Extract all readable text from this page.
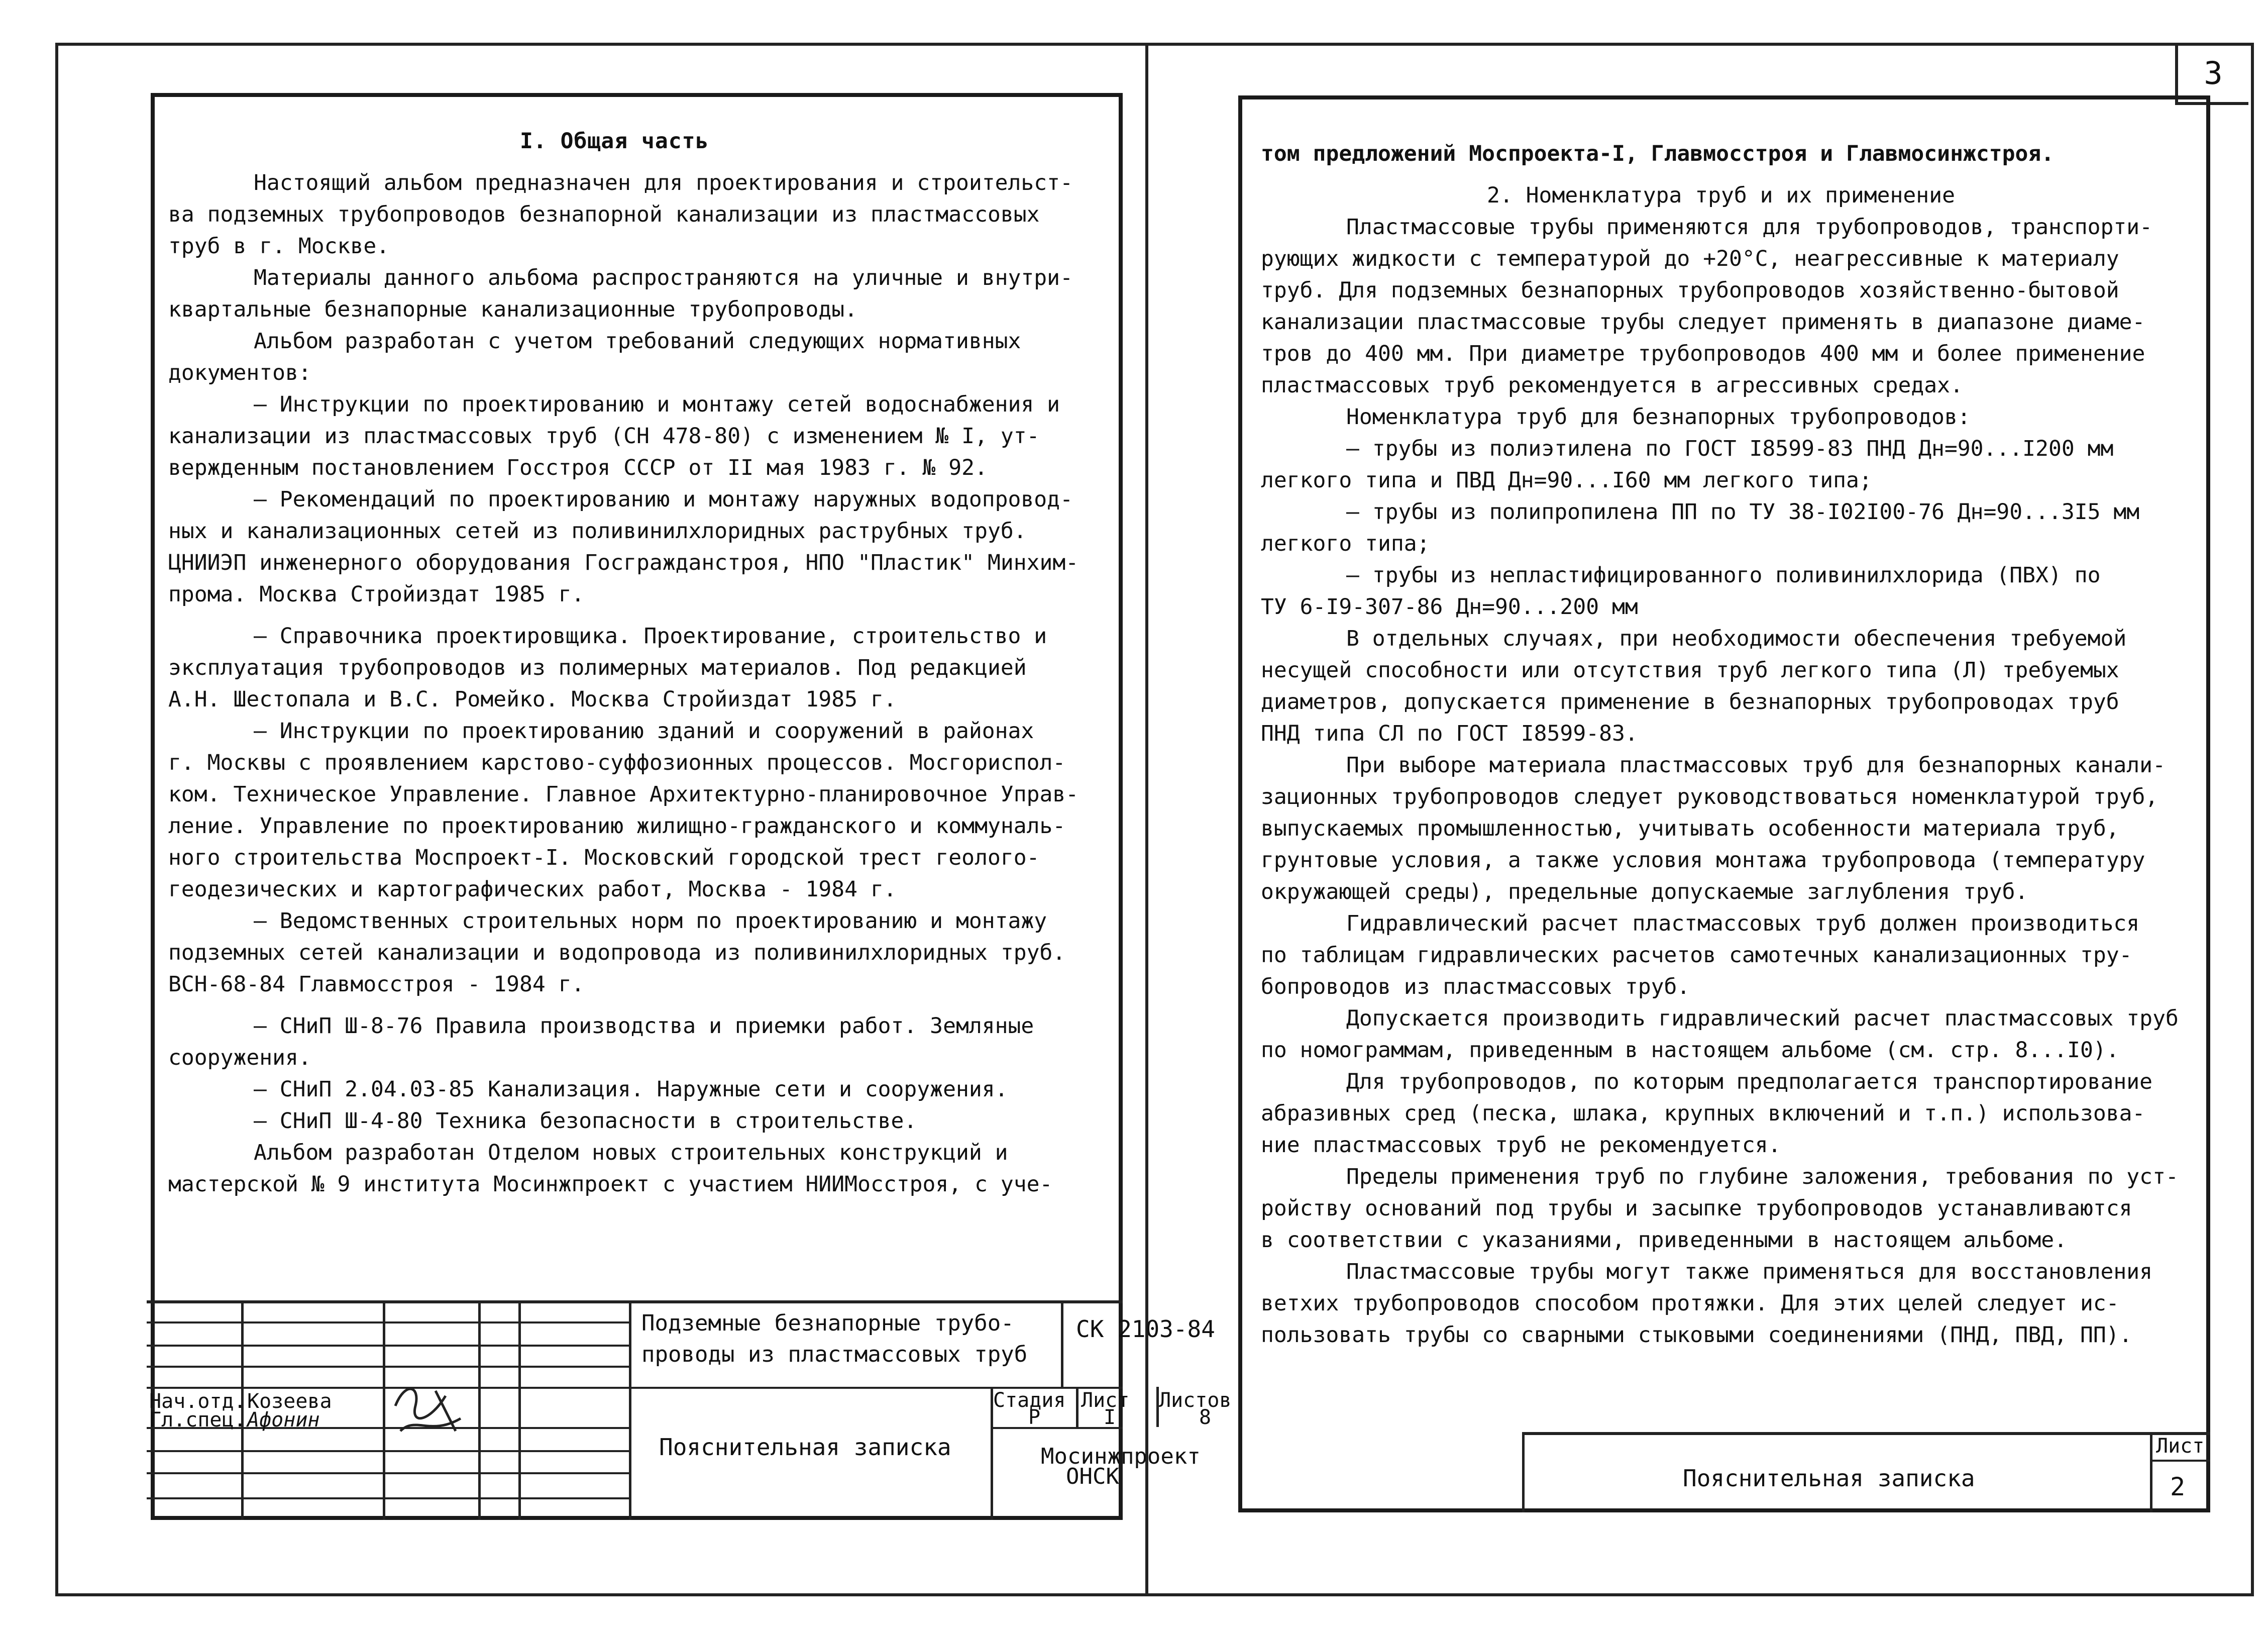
3
I. Общая часть
Настоящий альбом предназначен для проектирования и строительст-
ва подземных трубопроводов безнапорной канализации из пластмассовых
труб в г. Москве.
Материалы данного альбома распространяются на уличные и внутри-
квартальные безнапорные канализационные трубопроводы.
Альбом разработан с учетом требований следующих нормативных
документов:
– Инструкции по проектированию и монтажу сетей водоснабжения и
канализации из пластмассовых труб (СН 478-80) с изменением № I, ут-
вержденным постановлением Госстроя СССР от II мая 1983 г. № 92.
– Рекомендаций по проектированию и монтажу наружных водопровод-
ных и канализационных сетей из поливинилхлоридных раструбных труб.
ЦНИИЭП инженерного оборудования Госгражданстроя, НПО "Пластик" Минхим-
прома. Москва Стройиздат 1985 г.
– Справочника проектировщика. Проектирование, строительство и
эксплуатация трубопроводов из полимерных материалов. Под редакцией
А.Н. Шестопала и В.С. Ромейко. Москва Стройиздат 1985 г.
– Инструкции по проектированию зданий и сооружений в районах
г. Москвы с проявлением карстово-суффозионных процессов. Мосгориспол-
ком. Техническое Управление. Главное Архитектурно-планировочное Управ-
ление. Управление по проектированию жилищно-гражданского и коммуналь-
ного строительства Моспроект-I. Московский городской трест геолого-
геодезических и картографических работ, Москва - 1984 г.
– Ведомственных строительных норм по проектированию и монтажу
подземных сетей канализации и водопровода из поливинилхлоридных труб.
ВСН-68-84 Главмосстроя - 1984 г.
– СНиП Ш-8-76 Правила производства и приемки работ. Земляные
сооружения.
– СНиП 2.04.03-85 Канализация. Наружные сети и сооружения.
– СНиП Ш-4-80 Техника безопасности в строительстве.
Альбом разработан Отделом новых строительных конструкций и
мастерской № 9 института Мосинжпроект с участием НИИМосстроя, с уче-
Подземные безнапорные трубо-
проводы из пластмассовых труб
СК 2103-84
Нач.отд. Козеева
Гл.спец. Афонин
Пояснительная записка
Стадия Лист Листов
Р	I	8
Мосинжпроект
ОНСК
том предложений Моспроекта-I, Главмосстроя и Главмосинжстроя.
2. Номенклатура труб и их применение
Пластмассовые трубы применяются для трубопроводов, транспорти-
рующих жидкости с температурой до +20°С, неагрессивные к материалу
труб. Для подземных безнапорных трубопроводов хозяйственно-бытовой
канализации пластмассовые трубы следует применять в диапазоне диаме-
тров до 400 мм. При диаметре трубопроводов 400 мм и более применение
пластмассовых труб рекомендуется в агрессивных средах.
Номенклатура труб для безнапорных трубопроводов:
– трубы из полиэтилена по ГОСТ I8599-83 ПНД Дн=90...I200 мм
легкого типа и ПВД Дн=90...I60 мм легкого типа;
– трубы из полипропилена ПП по ТУ 38-I02I00-76 Дн=90...3I5 мм
легкого типа;
– трубы из непластифицированного поливинилхлорида (ПВХ) по
ТУ 6-I9-307-86 Дн=90...200 мм
В отдельных случаях, при необходимости обеспечения требуемой
несущей способности или отсутствия труб легкого типа (Л) требуемых
диаметров, допускается применение в безнапорных трубопроводах труб
ПНД типа СЛ по ГОСТ I8599-83.
При выборе материала пластмассовых труб для безнапорных канали-
зационных трубопроводов следует руководствоваться номенклатурой труб,
выпускаемых промышленностью, учитывать особенности материала труб,
грунтовые условия, а также условия монтажа трубопровода (температуру
окружающей среды), предельные допускаемые заглубления труб.
Гидравлический расчет пластмассовых труб должен производиться
по таблицам гидравлических расчетов самотечных канализационных тру-
бопроводов из пластмассовых труб.
Допускается производить гидравлический расчет пластмассовых труб
по номограммам, приведенным в настоящем альбоме (см. стр. 8...I0).
Для трубопроводов, по которым предполагается транспортирование
абразивных сред (песка, шлака, крупных включений и т.п.) использова-
ние пластмассовых труб не рекомендуется.
Пределы применения труб по глубине заложения, требования по уст-
ройству оснований под трубы и засыпке трубопроводов устанавливаются
в соответствии с указаниями, приведенными в настоящем альбоме.
Пластмассовые трубы могут также применяться для восстановления
ветхих трубопроводов способом протяжки. Для этих целей следует ис-
пользовать трубы со сварными стыковыми соединениями (ПНД, ПВД, ПП).
Пояснительная записка
Лист
2
